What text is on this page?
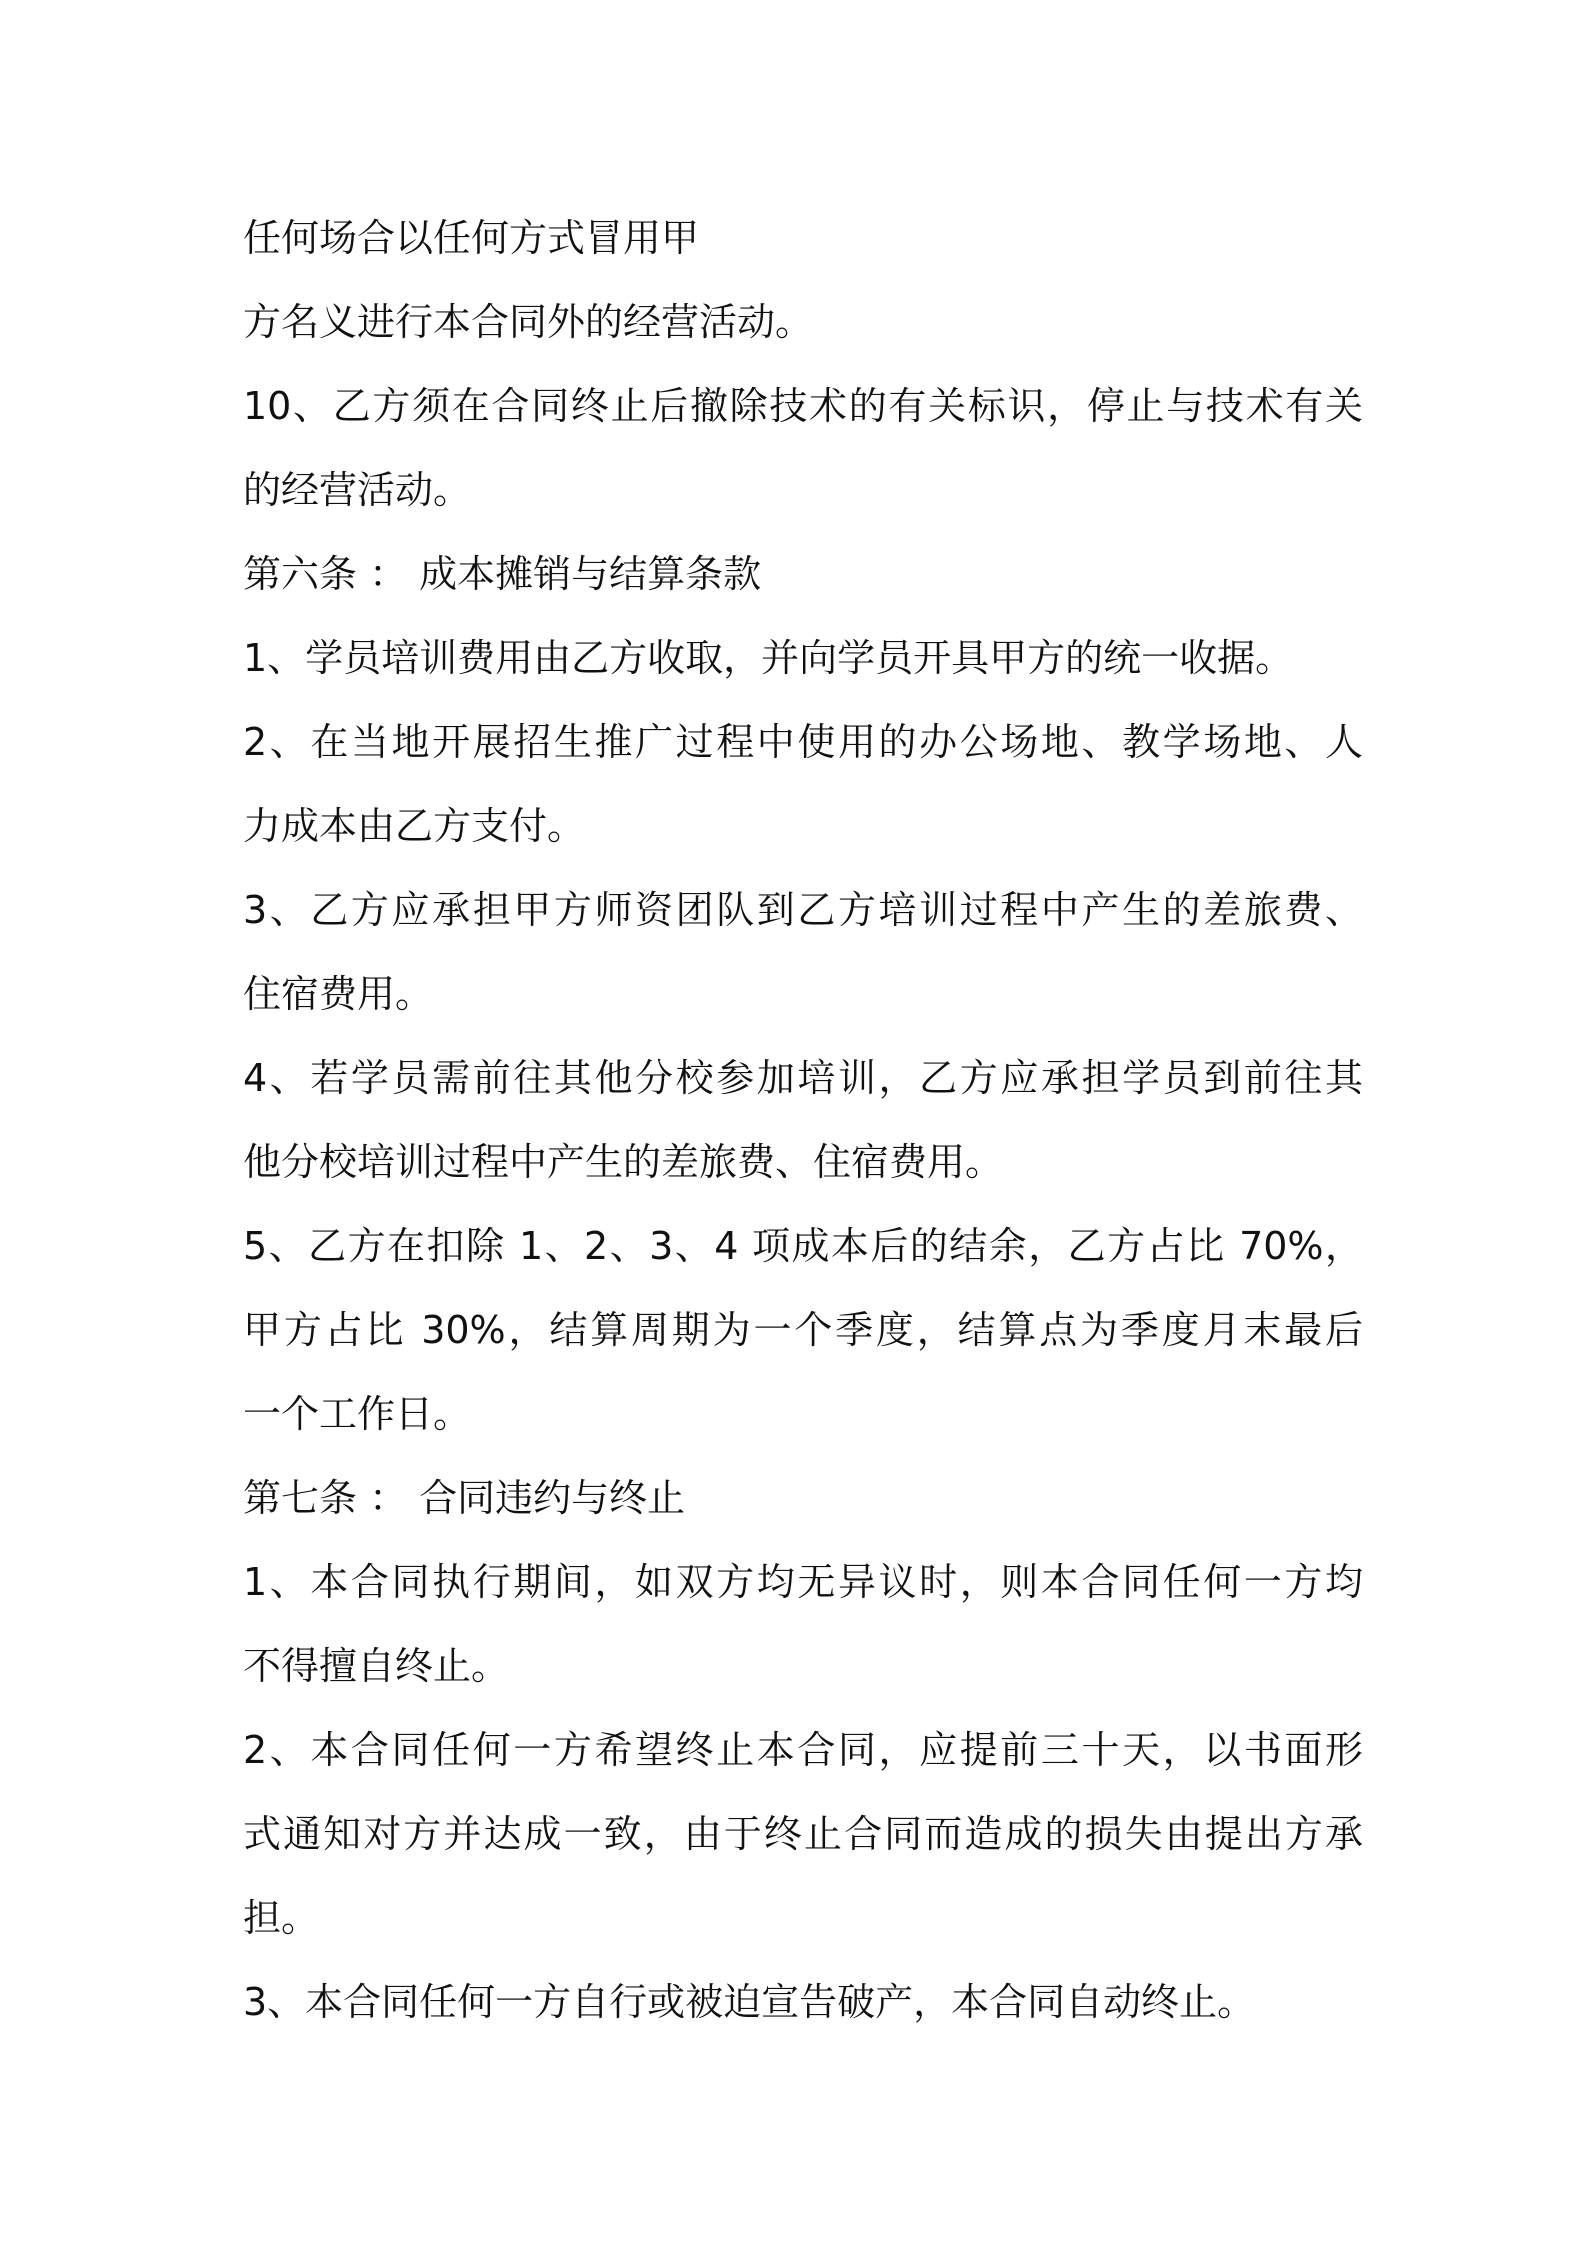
任何场合以任何方式冒用甲
方名义进行本合同外的经营活动。
10、乙方须在合同终止后撤除技术的有关标识，停止与技术有关
的经营活动。
第六条 ： 成本摊销与结算条款
1、学员培训费用由乙方收取，并向学员开具甲方的统一收据。
2、在当地开展招生推广过程中使用的办公场地、教学场地、人
力成本由乙方支付。
3、乙方应承担甲方师资团队到乙方培训过程中产生的差旅费、
住宿费用。
4、若学员需前往其他分校参加培训，乙方应承担学员到前往其
他分校培训过程中产生的差旅费、住宿费用。
5、乙方在扣除 1、2、3、4 项成本后的结余，乙方占比 70%，
甲方占比 30%，结算周期为一个季度，结算点为季度月末最后
一个工作日。
第七条 ： 合同违约与终止
1、本合同执行期间，如双方均无异议时，则本合同任何一方均
不得擅自终止。
2、本合同任何一方希望终止本合同，应提前三十天，以书面形
式通知对方并达成一致，由于终止合同而造成的损失由提出方承
担。
3、本合同任何一方自行或被迫宣告破产，本合同自动终止。
